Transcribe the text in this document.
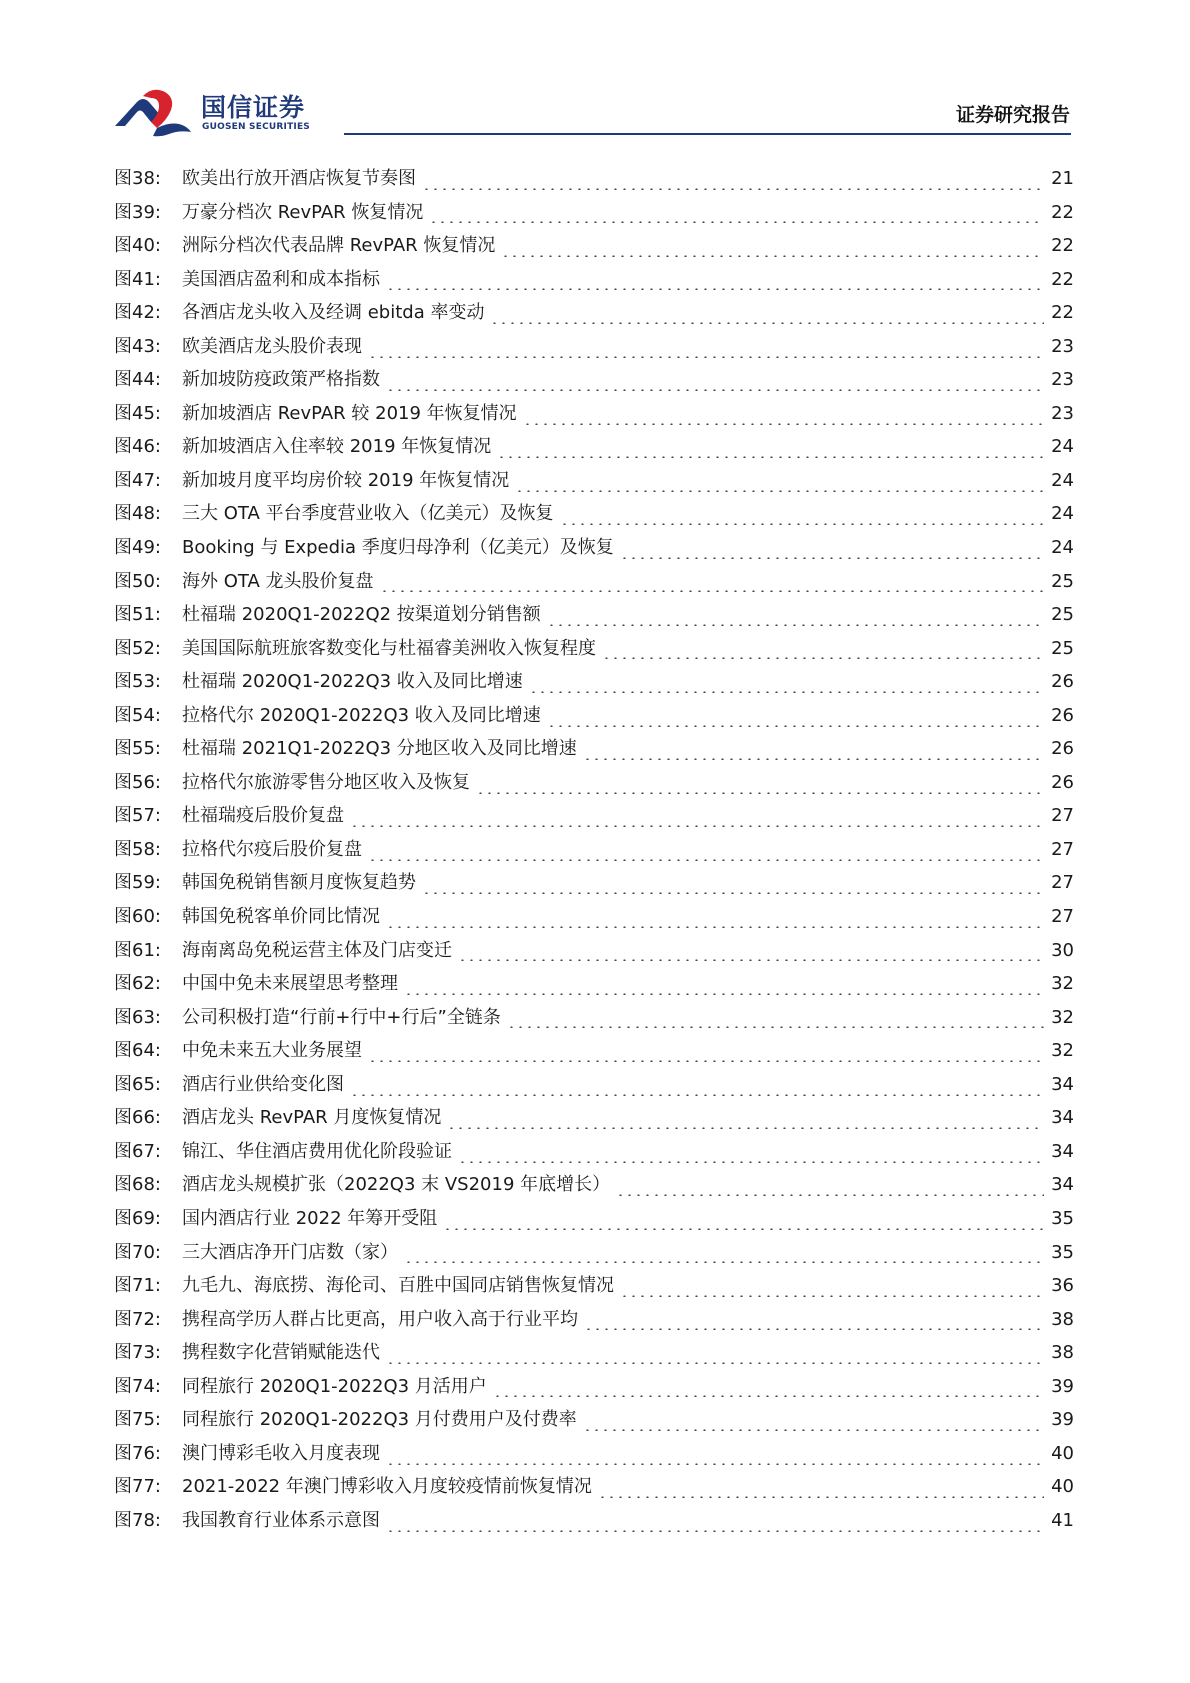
国信证券
GUOSEN SECURITIES
证券研究报告
图38:	欧美出行放开酒店恢复节奏图	21
图39:	万豪分档次 RevPAR 恢复情况	22
图40:	洲际分档次代表品牌 RevPAR 恢复情况	22
图41:	美国酒店盈利和成本指标	22
图42:	各酒店龙头收入及经调 ebitda 率变动	22
图43:	欧美酒店龙头股价表现	23
图44:	新加坡防疫政策严格指数	23
图45:	新加坡酒店 RevPAR 较 2019 年恢复情况	23
图46:	新加坡酒店入住率较 2019 年恢复情况	24
图47:	新加坡月度平均房价较 2019 年恢复情况	24
图48:	三大 OTA 平台季度营业收入（亿美元）及恢复	24
图49:	Booking 与 Expedia 季度归母净利（亿美元）及恢复	24
图50:	海外 OTA 龙头股价复盘	25
图51:	杜福瑞 2020Q1-2022Q2 按渠道划分销售额	25
图52:	美国国际航班旅客数变化与杜福睿美洲收入恢复程度	25
图53:	杜福瑞 2020Q1-2022Q3 收入及同比增速	26
图54:	拉格代尔 2020Q1-2022Q3 收入及同比增速	26
图55:	杜福瑞 2021Q1-2022Q3 分地区收入及同比增速	26
图56:	拉格代尔旅游零售分地区收入及恢复	26
图57:	杜福瑞疫后股价复盘	27
图58:	拉格代尔疫后股价复盘	27
图59:	韩国免税销售额月度恢复趋势	27
图60:	韩国免税客单价同比情况	27
图61:	海南离岛免税运营主体及门店变迁	30
图62:	中国中免未来展望思考整理	32
图63:	公司积极打造“行前+行中+行后”全链条	32
图64:	中免未来五大业务展望	32
图65:	酒店行业供给变化图	34
图66:	酒店龙头 RevPAR 月度恢复情况	34
图67:	锦江、华住酒店费用优化阶段验证	34
图68:	酒店龙头规模扩张（2022Q3 末 VS2019 年底增长）	34
图69:	国内酒店行业 2022 年筹开受阻	35
图70:	三大酒店净开门店数（家）	35
图71:	九毛九、海底捞、海伦司、百胜中国同店销售恢复情况	36
图72:	携程高学历人群占比更高，用户收入高于行业平均	38
图73:	携程数字化营销赋能迭代	38
图74:	同程旅行 2020Q1-2022Q3 月活用户	39
图75:	同程旅行 2020Q1-2022Q3 月付费用户及付费率	39
图76:	澳门博彩毛收入月度表现	40
图77:	2021-2022 年澳门博彩收入月度较疫情前恢复情况	40
图78:	我国教育行业体系示意图	41
